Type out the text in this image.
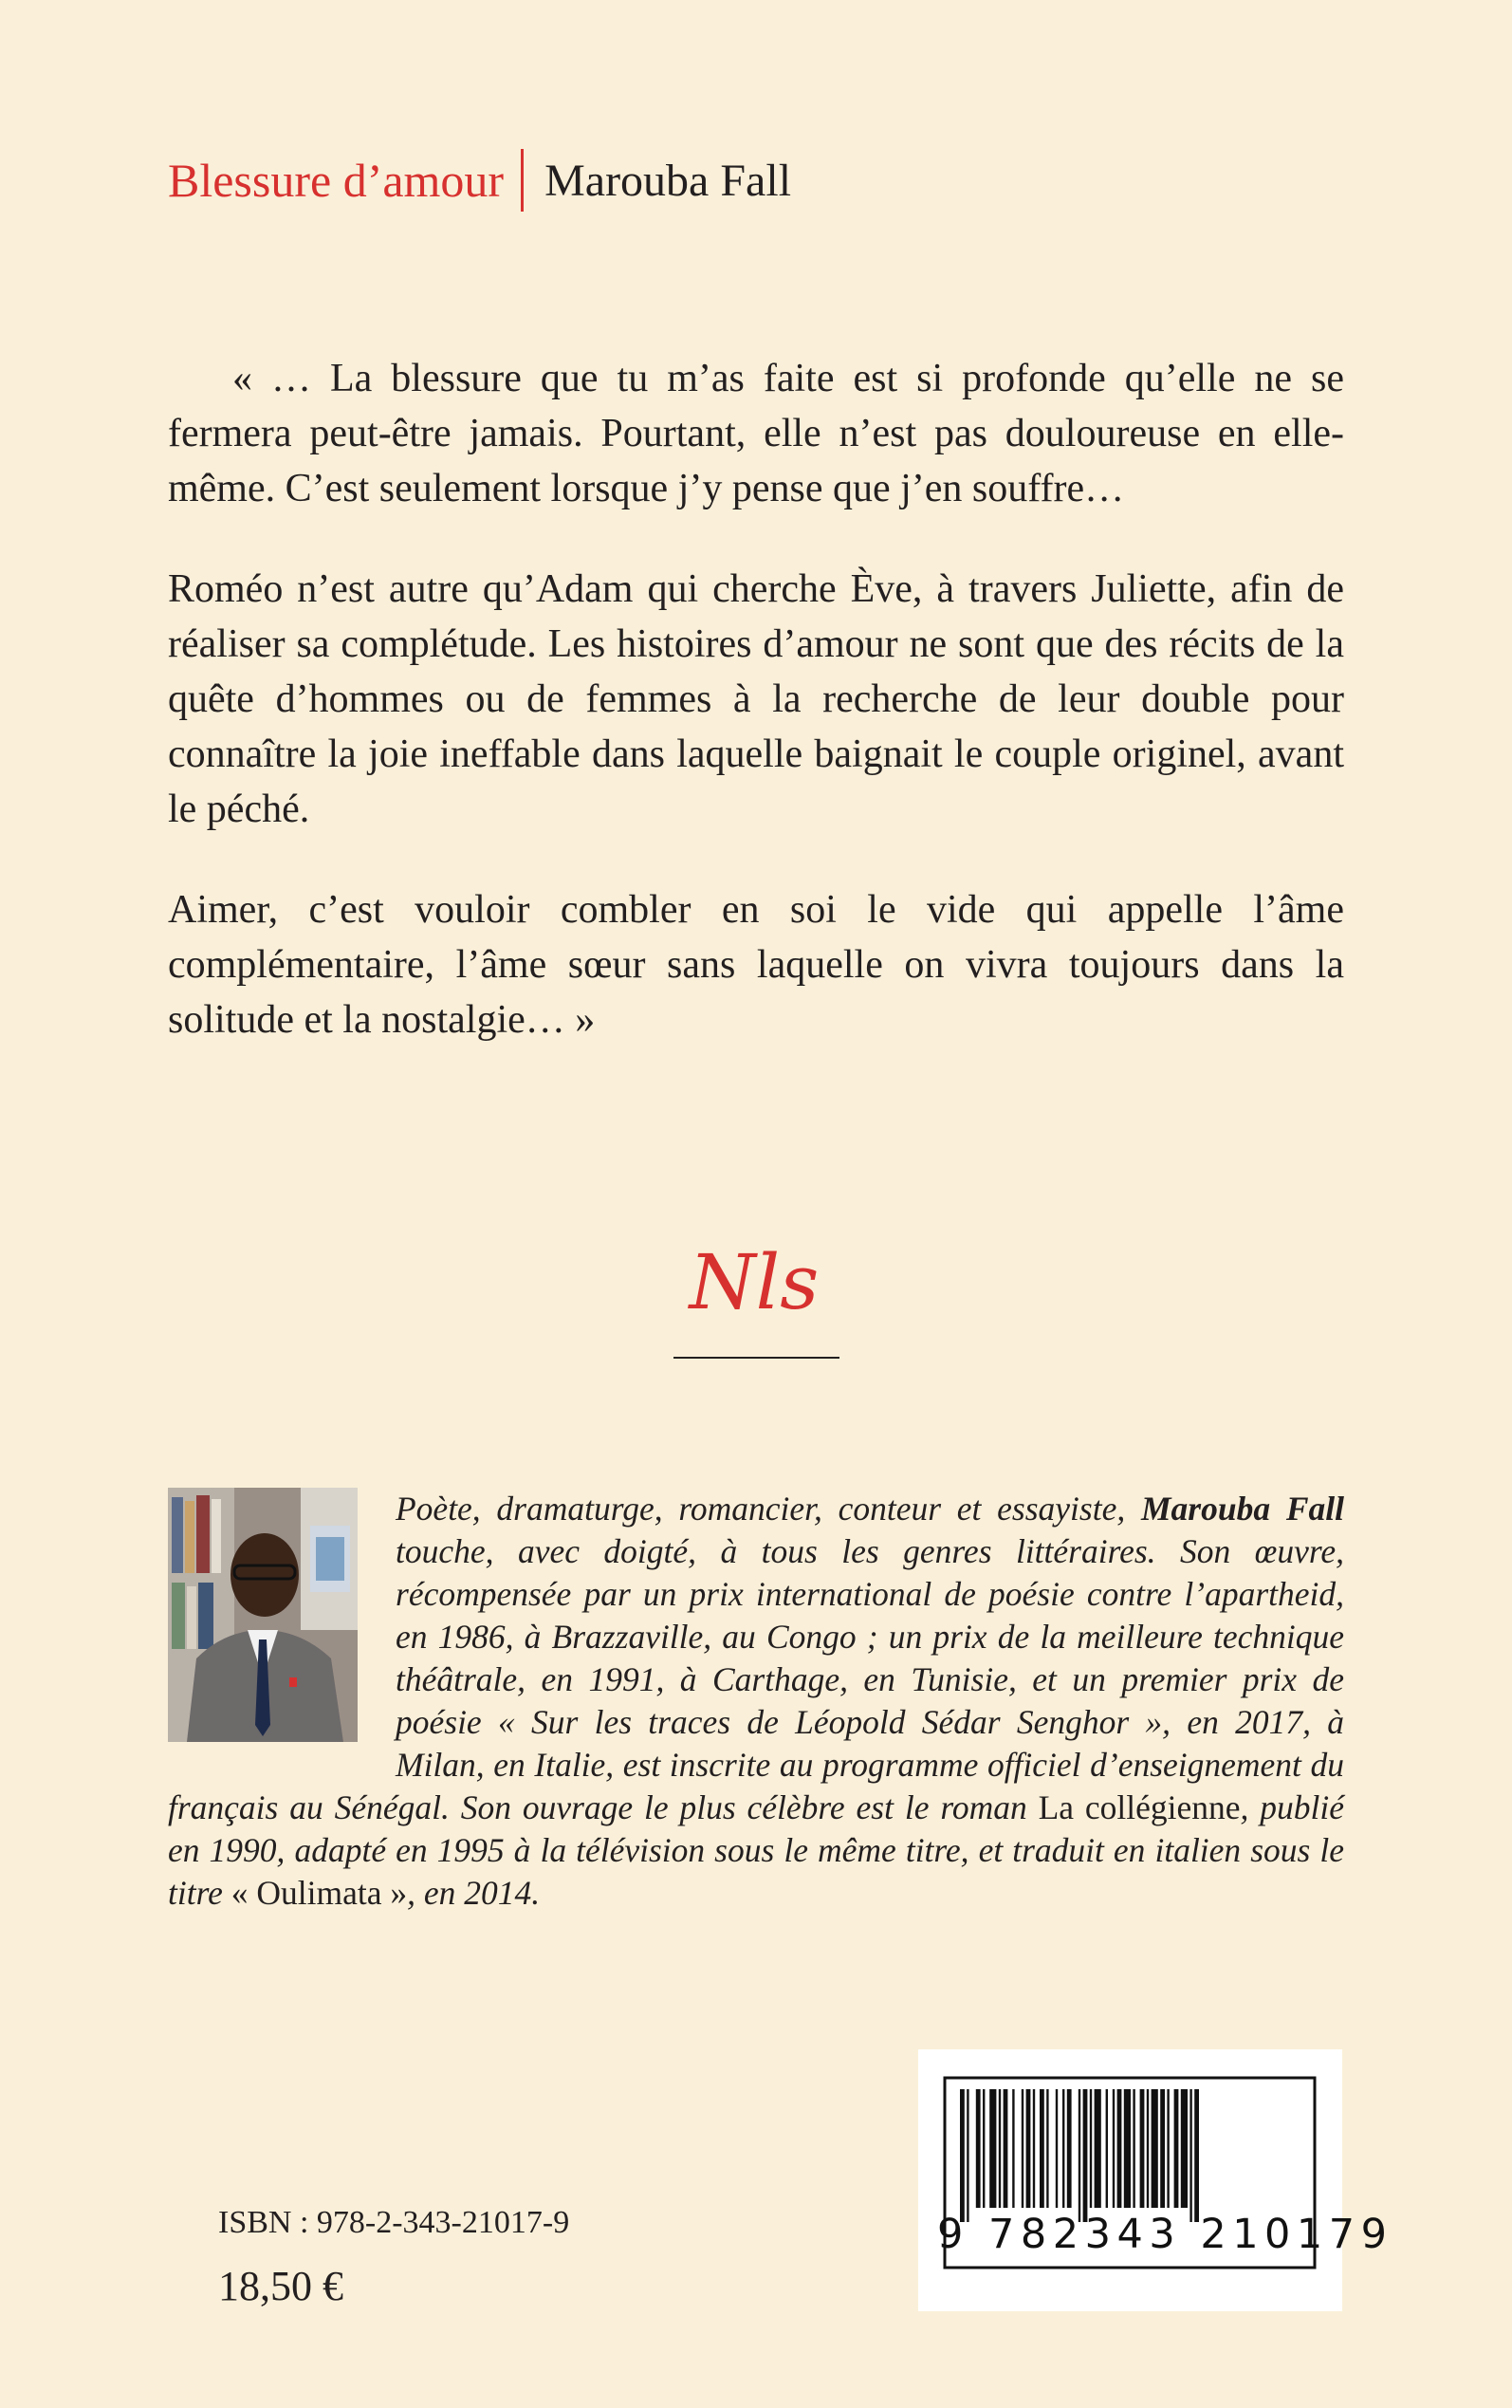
Blessure d’amour Marouba Fall

« … La blessure que tu m’as faite est si profonde qu’elle ne se fermera peut-être jamais. Pourtant, elle n’est pas douloureuse en elle-même. C’est seulement lorsque j’y pense que j’en souffre…

Roméo n’est autre qu’Adam qui cherche Ève, à travers Juliette, afin de réaliser sa complétude. Les histoires d’amour ne sont que des récits de la quête d’hommes ou de femmes à la recherche de leur double pour connaître la joie ineffable dans laquelle baignait le couple originel, avant le péché.

Aimer, c’est vouloir combler en soi le vide qui appelle l’âme complémentaire, l’âme sœur sans laquelle on vivra toujours dans la solitude et la nostalgie… »

Nls
Poète, dramaturge, romancier, conteur et essayiste, Marouba Fall touche, avec doigté, à tous les genres littéraires. Son œuvre, récompensée par un prix international de poésie contre l’apartheid, en 1986, à Brazzaville, au Congo ; un prix de la meilleure technique théâtrale, en 1991, à Carthage, en Tunisie, et un premier prix de poésie « Sur les traces de Léopold Sédar Senghor », en 2017, à Milan, en Italie, est inscrite au programme officiel d’enseignement du français au Sénégal. Son ouvrage le plus célèbre est le roman La collégienne, publié en 1990, adapté en 1995 à la télévision sous le même titre, et traduit en italien sous le titre « Oulimata », en 2014.
9 782343 210179
ISBN : 978-2-343-21017-9
18,50 €
